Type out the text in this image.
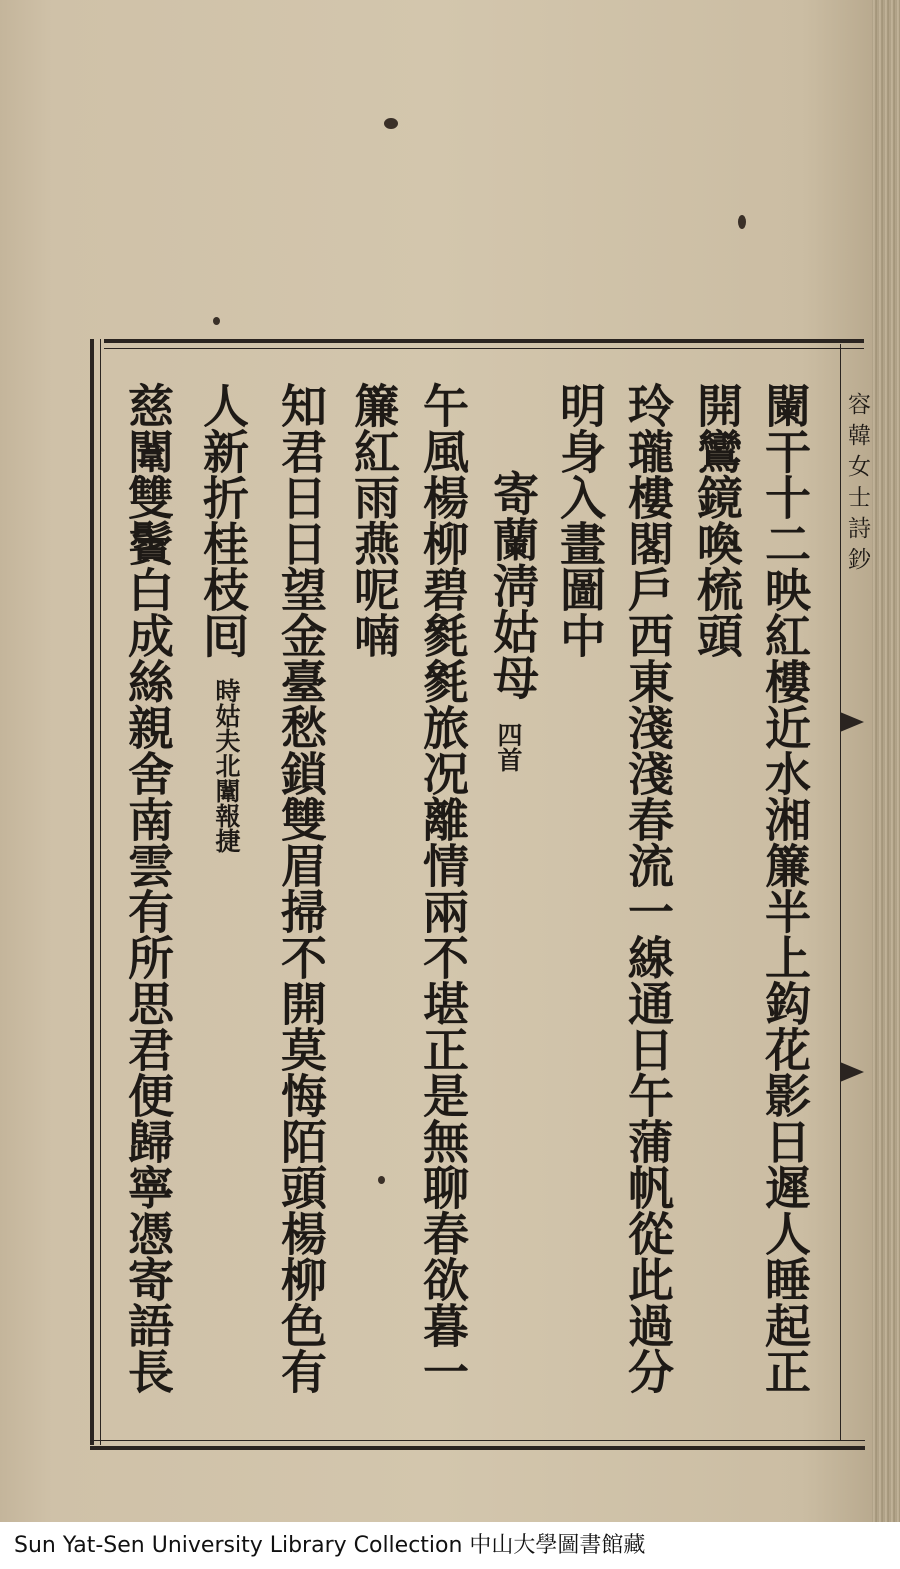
容韓女士詩鈔
闌干十二映紅樓近水湘簾半上鈎花影日遲人睡起正
開鸞鏡喚梳頭
玲瓏樓閣戶西東淺淺春流一線通日午蒲帆從此過分
明身入畫圖中
寄蘭淸姑母
四首
午風楊柳碧毿毿旅况離情兩不堪正是無聊春欲暮一
簾紅雨燕呢喃
知君日日望金臺愁鎖雙眉掃不開莫悔陌頭楊柳色有
人新折桂枝囘
時姑夫北闈報捷
慈闈雙鬢白成絲親舍南雲有所思君便歸寧憑寄語長
Sun Yat-Sen University Library Collection 中山大學圖書館藏
